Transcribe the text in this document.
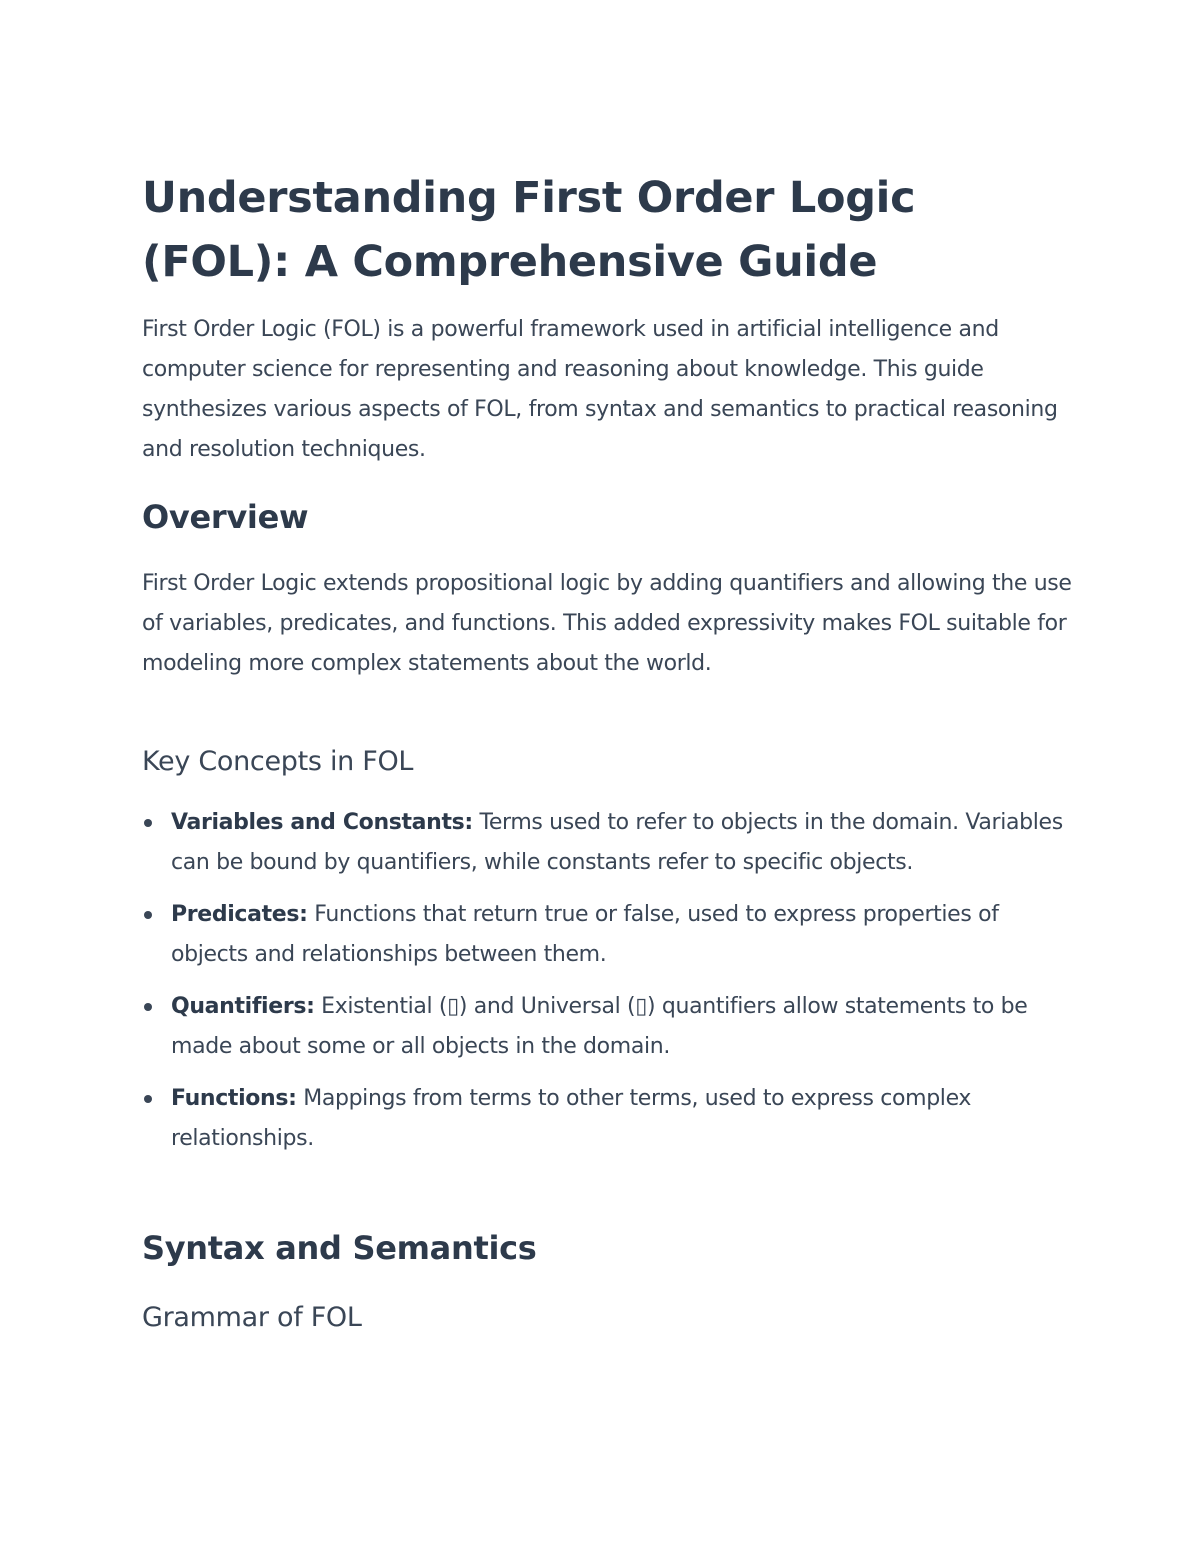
Understanding First Order Logic (FOL): A Comprehensive Guide

First Order Logic (FOL) is a powerful framework used in artificial intelligence and computer science for representing and reasoning about knowledge. This guide synthesizes various aspects of FOL, from syntax and semantics to practical reasoning and resolution techniques.

Overview

First Order Logic extends propositional logic by adding quantifiers and allowing the use of variables, predicates, and functions. This added expressivity makes FOL suitable for modeling more complex statements about the world.

Key Concepts in FOL
Variables and Constants: Terms used to refer to objects in the domain. Variables can be bound by quantifiers, while constants refer to specific objects.
Predicates: Functions that return true or false, used to express properties of objects and relationships between them.
Quantifiers: Existential (▯) and Universal (▯) quantifiers allow statements to be made about some or all objects in the domain.
Functions: Mappings from terms to other terms, used to express complex relationships.
Syntax and Semantics
Grammar of FOL
